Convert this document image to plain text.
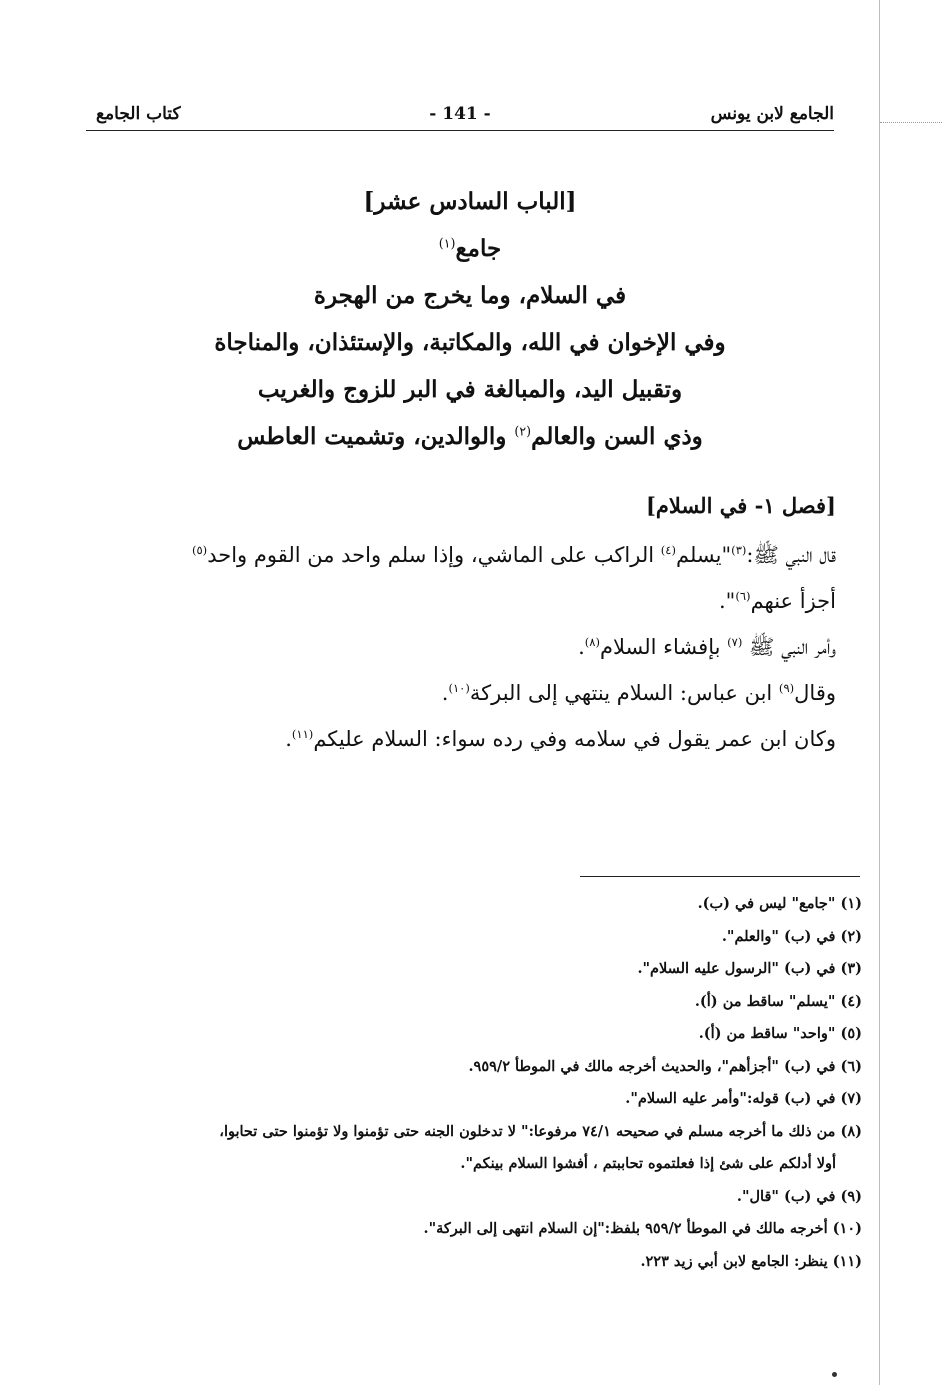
الجامع لابن يونس
- 141 -
كتاب الجامع
[الباب السادس عشر]
جامع$^{(١)}$
في السلام، وما يخرج من الهجرة
وفي الإخوان في الله، والمكاتبة، والإستئذان، والمناجاة
وتقبيل اليد، والمبالغة في البر للزوج والغريب
وذي السن والعالم$^{(٢)}$ والوالدين، وتشميت العاطس
[فصل ١- في السلام]
قال النبي ﷺ:$^{(٣)}$"يسلم$^{(٤)}$ الراكب على الماشي، وإذا سلم واحد من القوم واحد$^{(٥)}$
أجزأ عنهم$^{(٦)}$".
وأمر النبي ﷺ $^{(٧)}$ بإفشاء السلام$^{(٨)}$.
وقال$^{(٩)}$ ابن عباس: السلام ينتهي إلى البركة$^{(١٠)}$.
وكان ابن عمر يقول في سلامه وفي رده سواء: السلام عليكم$^{(١١)}$.
(١) "جامع" ليس في (ب).
(٢) في (ب) "والعلم".
(٣) في (ب) "الرسول عليه السلام".
(٤) "يسلم" ساقط من (أ).
(٥) "واحد" ساقط من (أ).
(٦) في (ب) "أجزأهم"، والحديث أخرجه مالك في الموطأ ٩٥٩/٢.
(٧) في (ب) قوله:"وأمر عليه السلام".
(٨) من ذلك ما أخرجه مسلم في صحيحه ٧٤/١ مرفوعا:" لا تدخلون الجنه حتى تؤمنوا ولا تؤمنوا حتى تحابوا،
أولا أدلكم على شئ إذا فعلتموه تحاببتم ، أفشوا السلام بينكم".
(٩) في (ب) "قال".
(١٠) أخرجه مالك في الموطأ ٩٥٩/٢ بلفظ:"إن السلام انتهى إلى البركة".
(١١) ينظر: الجامع لابن أبي زيد ٢٢٣.
